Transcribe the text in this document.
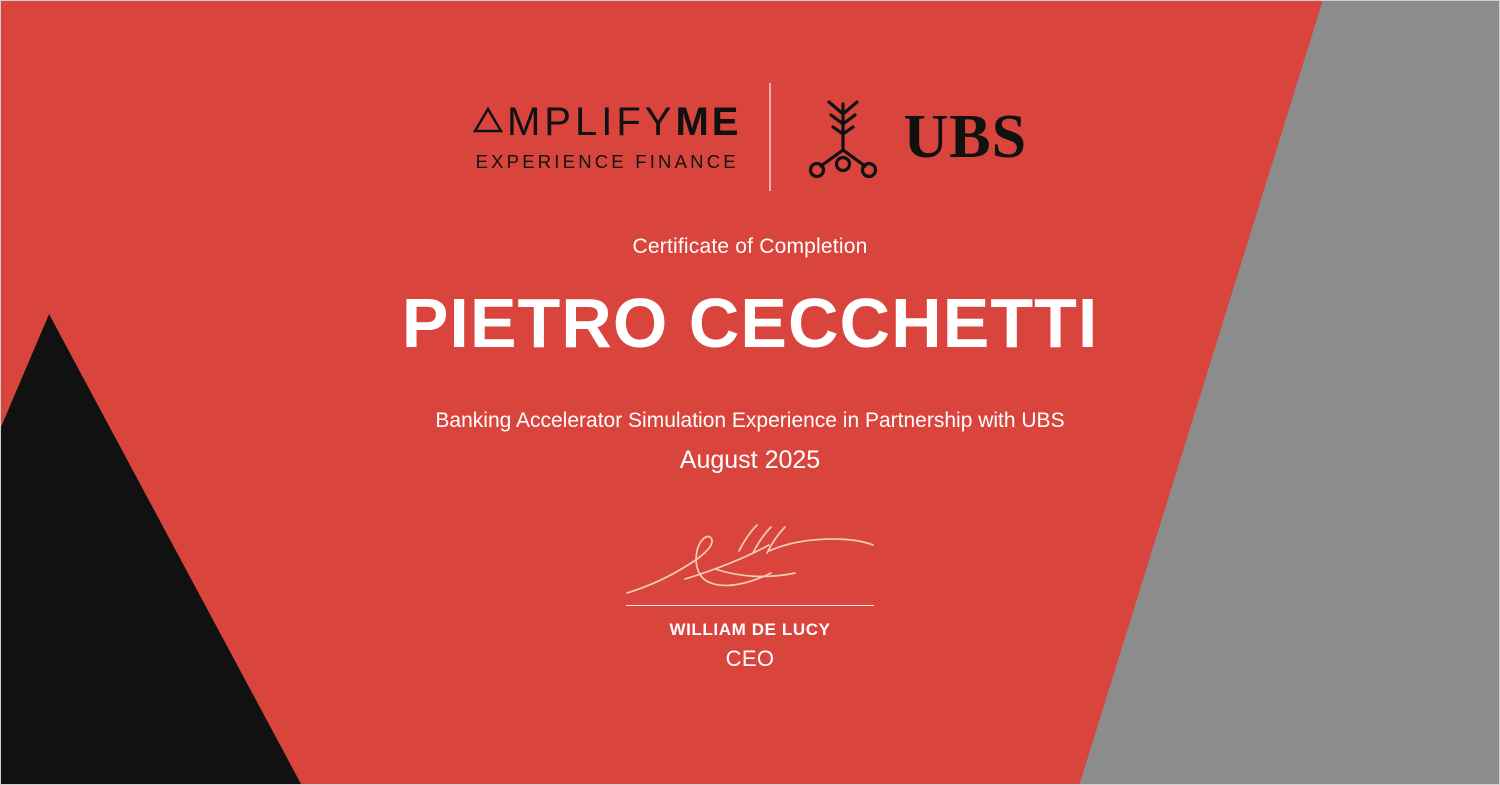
MPLIFY ME
EXPERIENCE FINANCE	UBS
Certificate of Completion
PIETRO CECCHETTI
Banking Accelerator Simulation Experience in Partnership with UBS
August 2025
WILLIAM DE LUCY
CEO
